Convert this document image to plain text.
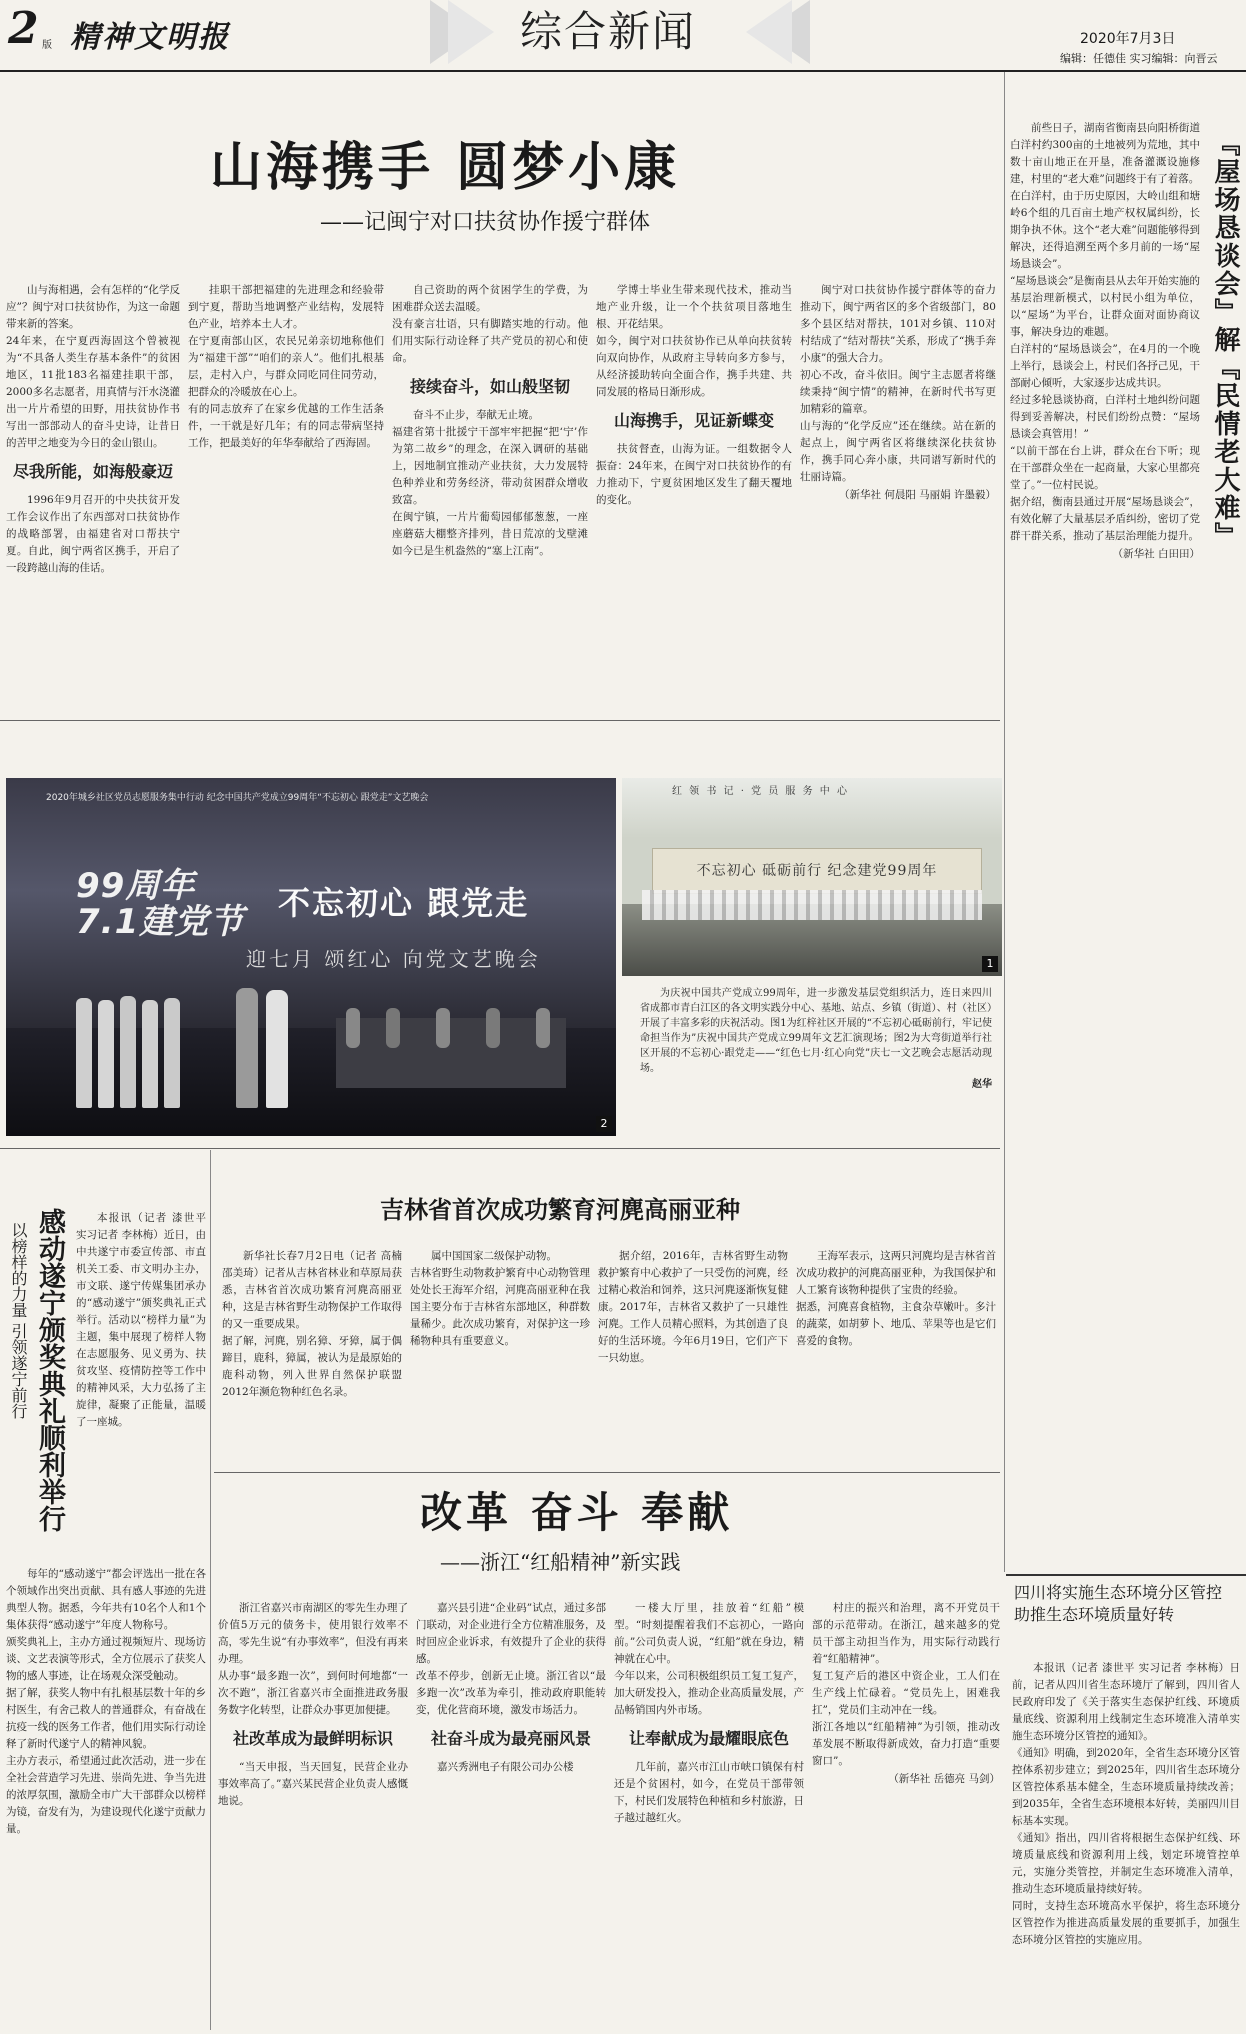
2 版 精神文明报	综合新闻	2020年7月3日
编辑：任德佳 实习编辑：向晋云
山海携手 圆梦小康
——记闽宁对口扶贫协作援宁群体

山与海相遇，会有怎样的“化学反应”？闽宁对口扶贫协作，为这一命题带来新的答案。
24年来，在宁夏西海固这个曾被视为“不具备人类生存基本条件”的贫困地区，11批183名福建挂职干部，2000多名志愿者，用真情与汗水浇灌出一片片希望的田野，用扶贫协作书写出一部部动人的奋斗史诗，让昔日的苦甲之地变为今日的金山银山。

尽我所能，如海般豪迈

1996年9月召开的中央扶贫开发工作会议作出了东西部对口扶贫协作的战略部署，由福建省对口帮扶宁夏。自此，闽宁两省区携手，开启了一段跨越山海的佳话。

挂职干部把福建的先进理念和经验带到宁夏，帮助当地调整产业结构，发展特色产业，培养本土人才。
在宁夏南部山区，农民兄弟亲切地称他们为“福建干部”“咱们的亲人”。他们扎根基层，走村入户，与群众同吃同住同劳动，把群众的冷暖放在心上。
有的同志放弃了在家乡优越的工作生活条件，一干就是好几年；有的同志带病坚持工作，把最美好的年华奉献给了西海固。

自己资助的两个贫困学生的学费，为困难群众送去温暖。
没有豪言壮语，只有脚踏实地的行动。他们用实际行动诠释了共产党员的初心和使命。

接续奋斗，如山般坚韧

奋斗不止步，奉献无止境。
福建省第十批援宁干部牢牢把握“把‘宁’作为第二故乡”的理念，在深入调研的基础上，因地制宜推动产业扶贫，大力发展特色种养业和劳务经济，带动贫困群众增收致富。
在闽宁镇，一片片葡萄园郁郁葱葱，一座座蘑菇大棚整齐排列，昔日荒凉的戈壁滩如今已是生机盎然的“塞上江南”。

学博士毕业生带来现代技术，推动当地产业升级，让一个个扶贫项目落地生根、开花结果。
如今，闽宁对口扶贫协作已从单向扶贫转向双向协作，从政府主导转向多方参与，从经济援助转向全面合作，携手共建、共同发展的格局日渐形成。

山海携手，见证新蝶变

扶贫督查，山海为证。一组数据令人振奋：24年来，在闽宁对口扶贫协作的有力推动下，宁夏贫困地区发生了翻天覆地的变化。

闽宁对口扶贫协作援宁群体等的奋力推动下，闽宁两省区的多个省级部门，80多个县区结对帮扶，101对乡镇、110对村结成了“结对帮扶”关系，形成了“携手奔小康”的强大合力。
初心不改，奋斗依旧。闽宁主志愿者将继续秉持“闽宁情”的精神，在新时代书写更加精彩的篇章。
山与海的“化学反应”还在继续。站在新的起点上，闽宁两省区将继续深化扶贫协作，携手同心奔小康，共同谱写新时代的壮丽诗篇。

（新华社 何晨阳 马丽娟 许墨毅）

2020年城乡社区党员志愿服务集中行动 纪念中国共产党成立99周年“不忘初心 跟党走”文艺晚会
99周年 7.1建党节 不忘初心 跟党走
迎七月 颂红心 向党文艺晚会
2
红 领 书 记 · 党 员 服 务 中 心
不忘初心 砥砺前行 纪念建党99周年
1

为庆祝中国共产党成立99周年，进一步激发基层党组织活力，连日来四川省成都市青白江区的各文明实践分中心、基地、站点、乡镇（街道）、村（社区）开展了丰富多彩的庆祝活动。图1为红梓社区开展的“不忘初心砥砺前行，牢记使命担当作为”庆祝中国共产党成立99周年文艺汇演现场；图2为大弯街道举行社区开展的不忘初心·跟党走——“红色七月·红心向党”庆七一文艺晚会志愿活动现场。

赵华

前些日子，湖南省衡南县向阳桥街道白洋村约300亩的土地被列为荒地，其中数十亩山地正在开垦，准备灌溉设施修建，村里的“老大难”问题终于有了着落。
在白洋村，由于历史原因，大岭山组和塘岭6个组的几百亩土地产权权属纠纷，长期争执不休。这个“老大难”问题能够得到解决，还得追溯至两个多月前的一场“屋场恳谈会”。
“屋场恳谈会”是衡南县从去年开始实施的基层治理新模式，以村民小组为单位，以“屋场”为平台，让群众面对面协商议事，解决身边的难题。
白洋村的“屋场恳谈会”，在4月的一个晚上举行，恳谈会上，村民们各抒己见，干部耐心倾听，大家逐步达成共识。
经过多轮恳谈协商，白洋村土地纠纷问题得到妥善解决，村民们纷纷点赞：“屋场恳谈会真管用！”
“以前干部在台上讲，群众在台下听；现在干部群众坐在一起商量，大家心里都亮堂了。”一位村民说。
据介绍，衡南县通过开展“屋场恳谈会”，有效化解了大量基层矛盾纠纷，密切了党群干群关系，推动了基层治理能力提升。

（新华社 白田田）

『屋场恳谈会』解『民情老大难』
吉林省首次成功繁育河麂高丽亚种

新华社长春7月2日电（记者 高楠 邵美琦）记者从吉林省林业和草原局获悉，吉林省首次成功繁育河麂高丽亚种，这是吉林省野生动物保护工作取得的又一重要成果。
据了解，河麂，别名獐、牙獐，属于偶蹄目，鹿科，獐属，被认为是最原始的鹿科动物，列入世界自然保护联盟2012年濒危物种红色名录。

属中国国家二级保护动物。
吉林省野生动物救护繁育中心动物管理处处长王海军介绍，河麂高丽亚种在我国主要分布于吉林省东部地区，种群数量稀少。此次成功繁育，对保护这一珍稀物种具有重要意义。

据介绍，2016年，吉林省野生动物救护繁育中心救护了一只受伤的河麂，经过精心救治和饲养，这只河麂逐渐恢复健康。2017年，吉林省又救护了一只雄性河麂。工作人员精心照料，为其创造了良好的生活环境。今年6月19日，它们产下一只幼崽。

王海军表示，这两只河麂均是吉林省首次成功救护的河麂高丽亚种，为我国保护和人工繁育该物种提供了宝贵的经验。
据悉，河麂喜食植物，主食杂草嫩叶。多汁的蔬菜，如胡萝卜、地瓜、苹果等也是它们喜爱的食物。

感动遂宁颁奖典礼顺利举行
以榜样的力量 引领遂宁前行

本报讯（记者 漆世平 实习记者 李林梅）近日，由中共遂宁市委宣传部、市直机关工委、市文明办主办，市文联、遂宁传媒集团承办的“感动遂宁”颁奖典礼正式举行。活动以“榜样力量”为主题，集中展现了榜样人物在志愿服务、见义勇为、扶贫攻坚、疫情防控等工作中的精神风采，大力弘扬了主旋律，凝聚了正能量，温暖了一座城。

每年的“感动遂宁”都会评选出一批在各个领域作出突出贡献、具有感人事迹的先进典型人物。据悉，今年共有10名个人和1个集体获得“感动遂宁”年度人物称号。
颁奖典礼上，主办方通过视频短片、现场访谈、文艺表演等形式，全方位展示了获奖人物的感人事迹，让在场观众深受触动。
据了解，获奖人物中有扎根基层数十年的乡村医生，有舍己救人的普通群众，有奋战在抗疫一线的医务工作者，他们用实际行动诠释了新时代遂宁人的精神风貌。
主办方表示，希望通过此次活动，进一步在全社会营造学习先进、崇尚先进、争当先进的浓厚氛围，激励全市广大干部群众以榜样为镜，奋发有为，为建设现代化遂宁贡献力量。

改革 奋斗 奉献
——浙江“红船精神”新实践

浙江省嘉兴市南湖区的零先生办理了价值5万元的债务卡，使用银行效率不高，零先生说“有办事效率”，但没有再来办理。
从办事“最多跑一次”，到何时何地都“一次不跑”，浙江省嘉兴市全面推进政务服务数字化转型，让群众办事更加便捷。

社改革成为最鲜明标识

“当天申报，当天回复，民营企业办事效率高了。”嘉兴某民营企业负责人感慨地说。

嘉兴县引进“企业码”试点，通过多部门联动，对企业进行全方位精准服务，及时回应企业诉求，有效提升了企业的获得感。
改革不停步，创新无止境。浙江省以“最多跑一次”改革为牵引，推动政府职能转变，优化营商环境，激发市场活力。

社奋斗成为最亮丽风景

嘉兴秀洲电子有限公司办公楼

一楼大厅里，挂放着“红船”模型。“时刻提醒着我们不忘初心，一路向前。”公司负责人说，“红船”就在身边，精神就在心中。
今年以来，公司积极组织员工复工复产，加大研发投入，推动企业高质量发展，产品畅销国内外市场。

让奉献成为最耀眼底色

几年前，嘉兴市江山市峡口镇保有村还是个贫困村，如今，在党员干部带领下，村民们发展特色种植和乡村旅游，日子越过越红火。

村庄的振兴和治理，离不开党员干部的示范带动。在浙江，越来越多的党员干部主动担当作为，用实际行动践行着“红船精神”。
复工复产后的港区中资企业，工人们在生产线上忙碌着。“党员先上，困难我扛”，党员们主动冲在一线。
浙江各地以“红船精神”为引领，推动改革发展不断取得新成效，奋力打造“重要窗口”。

（新华社 岳德亮 马剑）

四川将实施生态环境分区管控 助推生态环境质量好转

本报讯（记者 漆世平 实习记者 李林梅）日前，记者从四川省生态环境厅了解到，四川省人民政府印发了《关于落实生态保护红线、环境质量底线、资源利用上线制定生态环境准入清单实施生态环境分区管控的通知》。
《通知》明确，到2020年，全省生态环境分区管控体系初步建立；到2025年，四川省生态环境分区管控体系基本健全，生态环境质量持续改善；到2035年，全省生态环境根本好转，美丽四川目标基本实现。
《通知》指出，四川省将根据生态保护红线、环境质量底线和资源利用上线，划定环境管控单元，实施分类管控，并制定生态环境准入清单，推动生态环境质量持续好转。
同时，支持生态环境高水平保护，将生态环境分区管控作为推进高质量发展的重要抓手，加强生态环境分区管控的实施应用。
